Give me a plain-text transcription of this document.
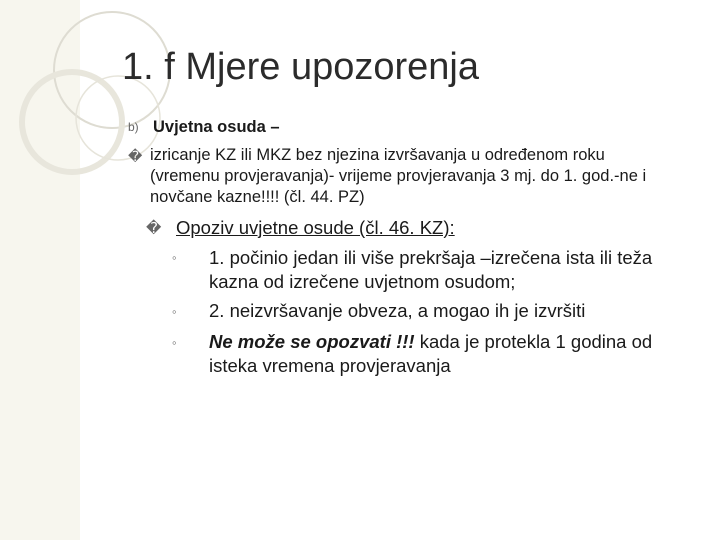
1. f Mjere upozorenja
b) Uvjetna osuda –
� izricanje KZ ili MKZ bez njezina izvršavanja u određenom roku
(vremenu provjeravanja)- vrijeme provjeravanja 3 mj. do 1. god.-ne i
novčane kazne!!!! (čl. 44. PZ)
� Opoziv uvjetne osude (čl. 46. KZ):
◦ 1. počinio jedan ili više prekršaja –izrečena ista ili teža
kazna od izrečene uvjetnom osudom;
◦ 2. neizvršavanje obveza, a mogao ih je izvršiti
◦ Ne može se opozvati !!! kada je protekla 1 godina od
isteka vremena provjeravanja
